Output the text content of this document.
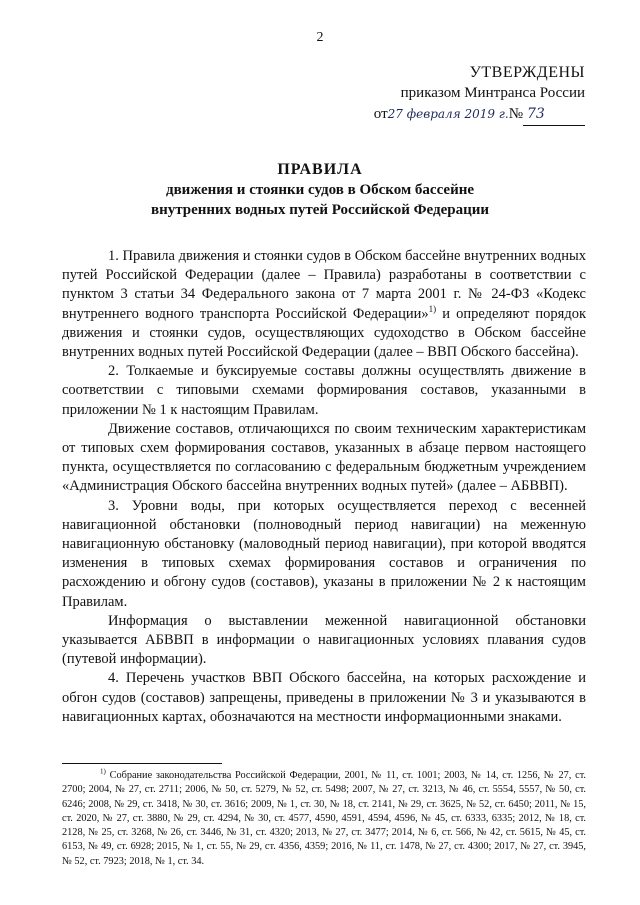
2
УТВЕРЖДЕНЫ
приказом Минтранса России
от27 февраля 2019 г.№ 73
ПРАВИЛА
движения и стоянки судов в Обском бассейне
внутренних водных путей Российской Федерации

1. Правила движения и стоянки судов в Обском бассейне внутренних водных путей Российской Федерации (далее – Правила) разработаны в соответствии с пунктом 3 статьи 34 Федерального закона от 7 марта 2001 г. № 24-ФЗ «Кодекс внутреннего водного транспорта Российской Федерации»$^{1)}$ и определяют порядок движения и стоянки судов, осуществляющих судоходство в Обском бассейне внутренних водных путей Российской Федерации (далее – ВВП Обского бассейна).

2. Толкаемые и буксируемые составы должны осуществлять движение в соответствии с типовыми схемами формирования составов, указанными в приложении № 1 к настоящим Правилам.

Движение составов, отличающихся по своим техническим характеристикам от типовых схем формирования составов, указанных в абзаце первом настоящего пункта, осуществляется по согласованию с федеральным бюджетным учреждением «Администрация Обского бассейна внутренних водных путей» (далее – АБВВП).

3. Уровни воды, при которых осуществляется переход с весенней навигационной обстановки (полноводный период навигации) на меженную навигационную обстановку (маловодный период навигации), при которой вводятся изменения в типовых схемах формирования составов и ограничения по расхождению и обгону судов (составов), указаны в приложении № 2 к настоящим Правилам.

Информация о выставлении меженной навигационной обстановки указывается АБВВП в информации о навигационных условиях плавания судов (путевой информации).

4. Перечень участков ВВП Обского бассейна, на которых расхождение и обгон судов (составов) запрещены, приведены в приложении № 3 и указываются в навигационных картах, обозначаются на местности информационными знаками.

$^{1)}$ Собрание законодательства Российской Федерации, 2001, № 11, ст. 1001; 2003, № 14, ст. 1256, № 27, ст. 2700; 2004, № 27, ст. 2711; 2006, № 50, ст. 5279, № 52, ст. 5498; 2007, № 27, ст. 3213, № 46, ст. 5554, 5557, № 50, ст. 6246; 2008, № 29, ст. 3418, № 30, ст. 3616; 2009, № 1, ст. 30, № 18, ст. 2141, № 29, ст. 3625, № 52, ст. 6450; 2011, № 15, ст. 2020, № 27, ст. 3880, № 29, ст. 4294, № 30, ст. 4577, 4590, 4591, 4594, 4596, № 45, ст. 6333, 6335; 2012, № 18, ст. 2128, № 25, ст. 3268, № 26, ст. 3446, № 31, ст. 4320; 2013, № 27, ст. 3477; 2014, № 6, ст. 566, № 42, ст. 5615, № 45, ст. 6153, № 49, ст. 6928; 2015, № 1, ст. 55, № 29, ст. 4356, 4359; 2016, № 11, ст. 1478, № 27, ст. 4300; 2017, № 27, ст. 3945, № 52, ст. 7923; 2018, № 1, ст. 34.
